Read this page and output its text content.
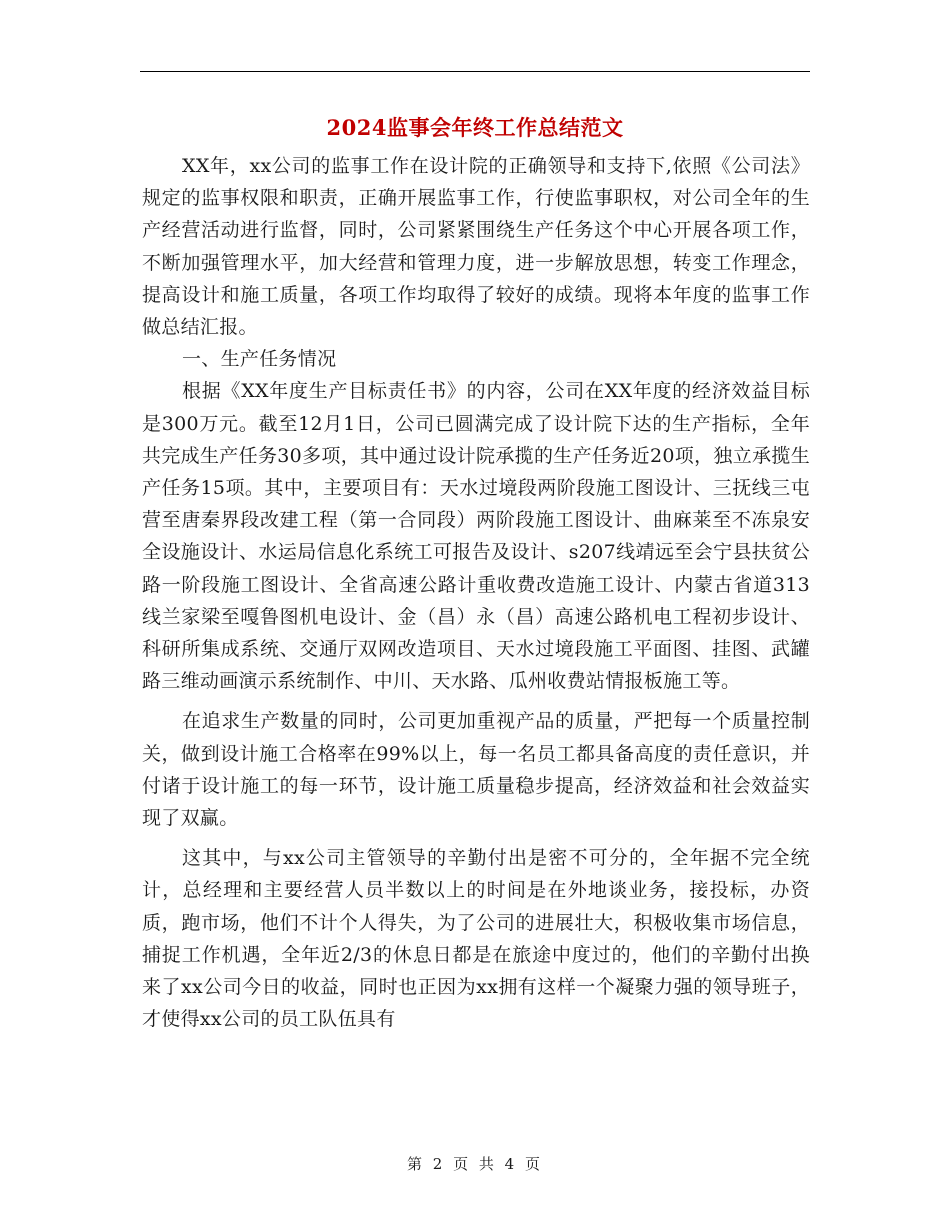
2024监事会年终工作总结范文

XX年，xx公司的监事工作在设计院的正确领导和支持下,依照《公司法》规定的监事权限和职责，正确开展监事工作，行使监事职权，对公司全年的生产经营活动进行监督，同时，公司紧紧围绕生产任务这个中心开展各项工作，不断加强管理水平，加大经营和管理力度，进一步解放思想，转变工作理念，提高设计和施工质量，各项工作均取得了较好的成绩。现将本年度的监事工作做总结汇报。

一、生产任务情况

根据《XX年度生产目标责任书》的内容，公司在XX年度的经济效益目标是300万元。截至12月1日，公司已圆满完成了设计院下达的生产指标，全年共完成生产任务30多项，其中通过设计院承揽的生产任务近20项，独立承揽生产任务15项。其中，主要项目有：天水过境段两阶段施工图设计、三抚线三屯营至唐秦界段改建工程（第一合同段）两阶段施工图设计、曲麻莱至不冻泉安全设施设计、水运局信息化系统工可报告及设计、s207线靖远至会宁县扶贫公路一阶段施工图设计、全省高速公路计重收费改造施工设计、内蒙古省道313线兰家梁至嘎鲁图机电设计、金（昌）永（昌）高速公路机电工程初步设计、科研所集成系统、交通厅双网改造项目、天水过境段施工平面图、挂图、武罐路三维动画演示系统制作、中川、天水路、瓜州收费站情报板施工等。

在追求生产数量的同时，公司更加重视产品的质量，严把每一个质量控制关，做到设计施工合格率在99%以上，每一名员工都具备高度的责任意识，并付诸于设计施工的每一环节，设计施工质量稳步提高，经济效益和社会效益实现了双赢。

这其中，与xx公司主管领导的辛勤付出是密不可分的，全年据不完全统计，总经理和主要经营人员半数以上的时间是在外地谈业务，接投标，办资质，跑市场，他们不计个人得失，为了公司的进展壮大，积极收集市场信息，捕捉工作机遇，全年近2/3的休息日都是在旅途中度过的，他们的辛勤付出换来了xx公司今日的收益，同时也正因为xx拥有这样一个凝聚力强的领导班子，才使得xx公司的员工队伍具有

第 2 页 共 4 页
